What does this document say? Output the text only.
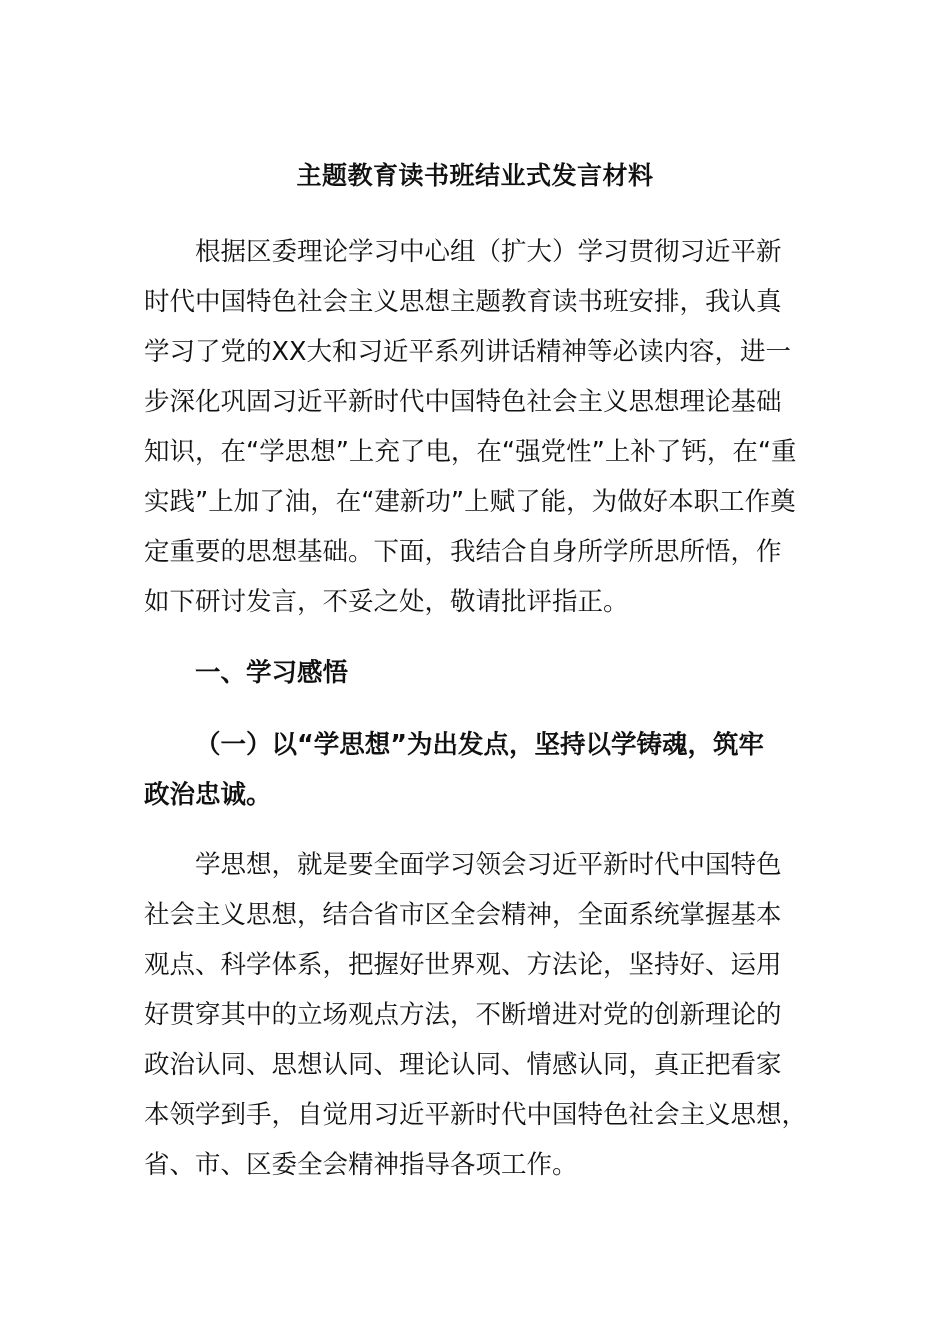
主题教育读书班结业式发言材料
根据区委理论学习中心组（扩大）学习贯彻习近平新
时代中国特色社会主义思想主题教育读书班安排，我认真
学习了党的XX大和习近平系列讲话精神等必读内容，进一
步深化巩固习近平新时代中国特色社会主义思想理论基础
知识，在“学思想”上充了电，在“强党性”上补了钙，在“重
实践”上加了油，在“建新功”上赋了能，为做好本职工作奠
定重要的思想基础。下面，我结合自身所学所思所悟，作
如下研讨发言，不妥之处，敬请批评指正。
一、学习感悟
（一）以“学思想”为出发点，坚持以学铸魂，筑牢
政治忠诚。
学思想，就是要全面学习领会习近平新时代中国特色
社会主义思想，结合省市区全会精神，全面系统掌握基本
观点、科学体系，把握好世界观、方法论，坚持好、运用
好贯穿其中的立场观点方法，不断增进对党的创新理论的
政治认同、思想认同、理论认同、情感认同，真正把看家
本领学到手，自觉用习近平新时代中国特色社会主义思想，
省、市、区委全会精神指导各项工作。
